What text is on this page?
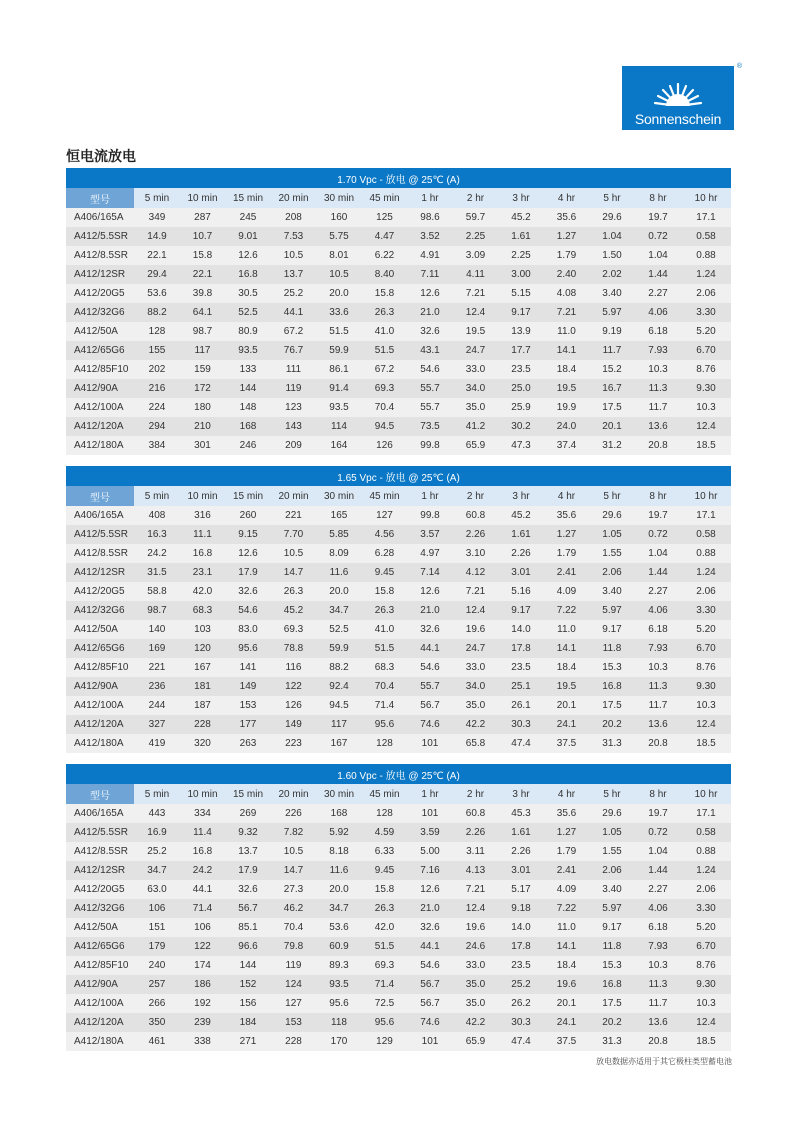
Sonnenschein
®
恒电流放电
1.70 Vpc - 放电 @ 25℃ (A)													
型号	5 min	10 min	15 min	20 min	30 min	45 min	1 hr	2 hr	3 hr	4 hr	5 hr	8 hr	10 hr
A406/165A	349	287	245	208	160	125	98.6	59.7	45.2	35.6	29.6	19.7	17.1
A412/5.5SR	14.9	10.7	9.01	7.53	5.75	4.47	3.52	2.25	1.61	1.27	1.04	0.72	0.58
A412/8.5SR	22.1	15.8	12.6	10.5	8.01	6.22	4.91	3.09	2.25	1.79	1.50	1.04	0.88
A412/12SR	29.4	22.1	16.8	13.7	10.5	8.40	7.11	4.11	3.00	2.40	2.02	1.44	1.24
A412/20G5	53.6	39.8	30.5	25.2	20.0	15.8	12.6	7.21	5.15	4.08	3.40	2.27	2.06
A412/32G6	88.2	64.1	52.5	44.1	33.6	26.3	21.0	12.4	9.17	7.21	5.97	4.06	3.30
A412/50A	128	98.7	80.9	67.2	51.5	41.0	32.6	19.5	13.9	11.0	9.19	6.18	5.20
A412/65G6	155	117	93.5	76.7	59.9	51.5	43.1	24.7	17.7	14.1	11.7	7.93	6.70
A412/85F10	202	159	133	111	86.1	67.2	54.6	33.0	23.5	18.4	15.2	10.3	8.76
A412/90A	216	172	144	119	91.4	69.3	55.7	34.0	25.0	19.5	16.7	11.3	9.30
A412/100A	224	180	148	123	93.5	70.4	55.7	35.0	25.9	19.9	17.5	11.7	10.3
A412/120A	294	210	168	143	114	94.5	73.5	41.2	30.2	24.0	20.1	13.6	12.4
A412/180A	384	301	246	209	164	126	99.8	65.9	47.3	37.4	31.2	20.8	18.5
1.65 Vpc - 放电 @ 25℃ (A)													
型号	5 min	10 min	15 min	20 min	30 min	45 min	1 hr	2 hr	3 hr	4 hr	5 hr	8 hr	10 hr
A406/165A	408	316	260	221	165	127	99.8	60.8	45.2	35.6	29.6	19.7	17.1
A412/5.5SR	16.3	11.1	9.15	7.70	5.85	4.56	3.57	2.26	1.61	1.27	1.05	0.72	0.58
A412/8.5SR	24.2	16.8	12.6	10.5	8.09	6.28	4.97	3.10	2.26	1.79	1.55	1.04	0.88
A412/12SR	31.5	23.1	17.9	14.7	11.6	9.45	7.14	4.12	3.01	2.41	2.06	1.44	1.24
A412/20G5	58.8	42.0	32.6	26.3	20.0	15.8	12.6	7.21	5.16	4.09	3.40	2.27	2.06
A412/32G6	98.7	68.3	54.6	45.2	34.7	26.3	21.0	12.4	9.17	7.22	5.97	4.06	3.30
A412/50A	140	103	83.0	69.3	52.5	41.0	32.6	19.6	14.0	11.0	9.17	6.18	5.20
A412/65G6	169	120	95.6	78.8	59.9	51.5	44.1	24.7	17.8	14.1	11.8	7.93	6.70
A412/85F10	221	167	141	116	88.2	68.3	54.6	33.0	23.5	18.4	15.3	10.3	8.76
A412/90A	236	181	149	122	92.4	70.4	55.7	34.0	25.1	19.5	16.8	11.3	9.30
A412/100A	244	187	153	126	94.5	71.4	56.7	35.0	26.1	20.1	17.5	11.7	10.3
A412/120A	327	228	177	149	117	95.6	74.6	42.2	30.3	24.1	20.2	13.6	12.4
A412/180A	419	320	263	223	167	128	101	65.8	47.4	37.5	31.3	20.8	18.5
1.60 Vpc - 放电 @ 25℃ (A)													
型号	5 min	10 min	15 min	20 min	30 min	45 min	1 hr	2 hr	3 hr	4 hr	5 hr	8 hr	10 hr
A406/165A	443	334	269	226	168	128	101	60.8	45.3	35.6	29.6	19.7	17.1
A412/5.5SR	16.9	11.4	9.32	7.82	5.92	4.59	3.59	2.26	1.61	1.27	1.05	0.72	0.58
A412/8.5SR	25.2	16.8	13.7	10.5	8.18	6.33	5.00	3.11	2.26	1.79	1.55	1.04	0.88
A412/12SR	34.7	24.2	17.9	14.7	11.6	9.45	7.16	4.13	3.01	2.41	2.06	1.44	1.24
A412/20G5	63.0	44.1	32.6	27.3	20.0	15.8	12.6	7.21	5.17	4.09	3.40	2.27	2.06
A412/32G6	106	71.4	56.7	46.2	34.7	26.3	21.0	12.4	9.18	7.22	5.97	4.06	3.30
A412/50A	151	106	85.1	70.4	53.6	42.0	32.6	19.6	14.0	11.0	9.17	6.18	5.20
A412/65G6	179	122	96.6	79.8	60.9	51.5	44.1	24.6	17.8	14.1	11.8	7.93	6.70
A412/85F10	240	174	144	119	89.3	69.3	54.6	33.0	23.5	18.4	15.3	10.3	8.76
A412/90A	257	186	152	124	93.5	71.4	56.7	35.0	25.2	19.6	16.8	11.3	9.30
A412/100A	266	192	156	127	95.6	72.5	56.7	35.0	26.2	20.1	17.5	11.7	10.3
A412/120A	350	239	184	153	118	95.6	74.6	42.2	30.3	24.1	20.2	13.6	12.4
A412/180A	461	338	271	228	170	129	101	65.9	47.4	37.5	31.3	20.8	18.5
放电数据亦适用于其它极柱类型蓄电池
